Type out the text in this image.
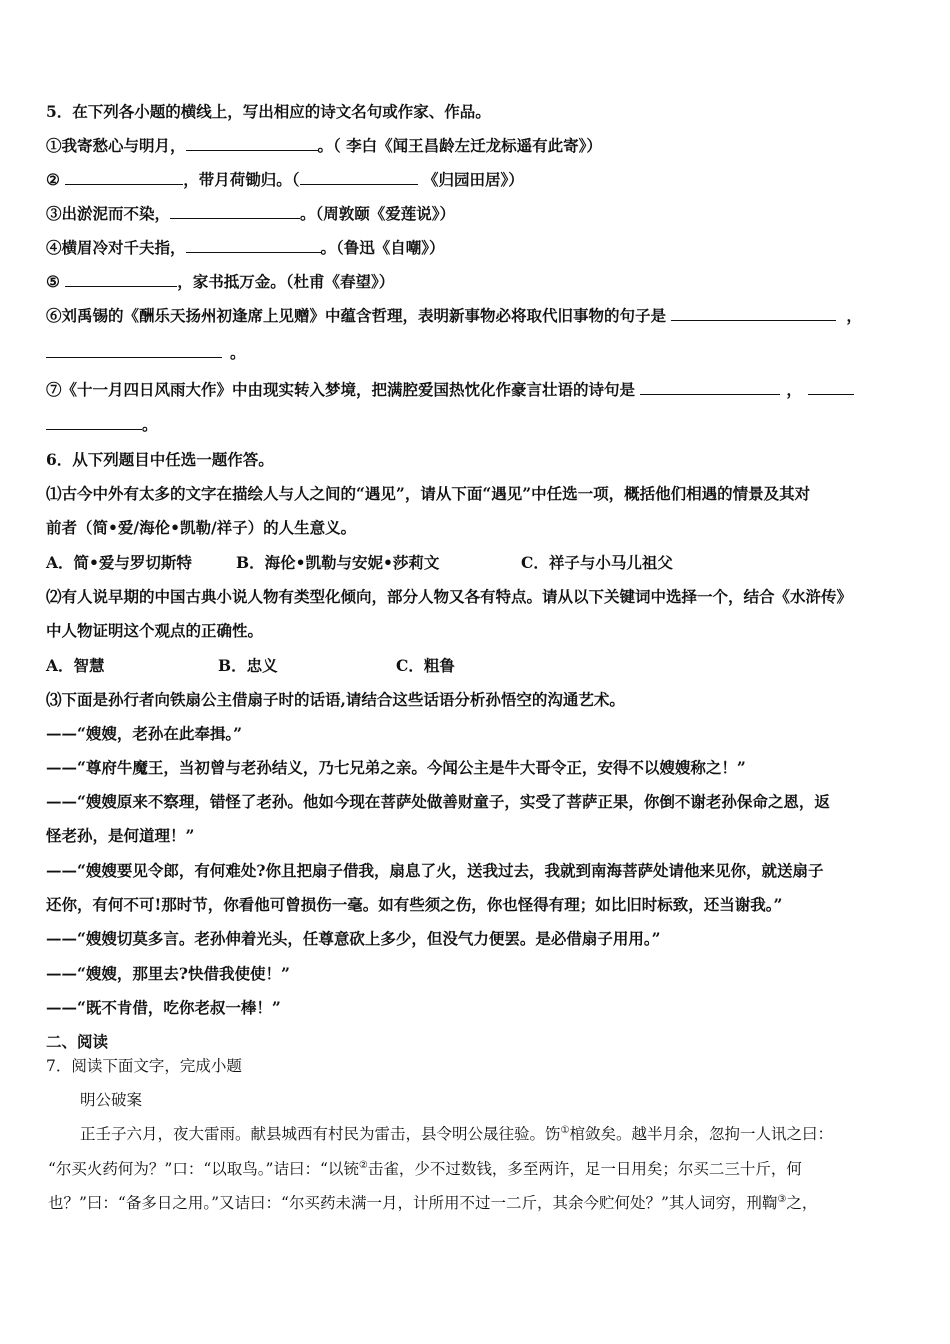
5．在下列各小题的横线上，写出相应的诗文名句或作家、作品。
①我寄愁心与明月，	。（ 李白《闻王昌龄左迁龙标遥有此寄》）
②	，带月荷锄归。（	《归园田居》）
③出淤泥而不染，	。（周敦颐《爱莲说》）
④横眉冷对千夫指，	。（鲁迅《自嘲》）
⑤	，家书抵万金。（杜甫《春望》）
⑥刘禹锡的《酬乐天扬州初逢席上见赠》中蕴含哲理，表明新事物必将取代旧事物的句子是	，
。
⑦《十一月四日风雨大作》中由现实转入梦境，把满腔爱国热忱化作豪言壮语的诗句是	，
。
6．从下列题目中任选一题作答。
⑴古今中外有太多的文字在描绘人与人之间的“遇见”，请从下面“遇见”中任选一项，概括他们相遇的情景及其对
前者（简•爱/海伦•凯勒/祥子）的人生意义。
A．简•爱与罗切斯特	B．海伦•凯勒与安妮•莎莉文	C．祥子与小马儿祖父
⑵有人说早期的中国古典小说人物有类型化倾向，部分人物又各有特点。请从以下关键词中选择一个，结合《水浒传》
中人物证明这个观点的正确性。
A．智慧	B．忠义	C．粗鲁
⑶下面是孙行者向铁扇公主借扇子时的话语,请结合这些话语分析孙悟空的沟通艺术。
——“嫂嫂，老孙在此奉揖。”
——“尊府牛魔王，当初曾与老孙结义，乃七兄弟之亲。今闻公主是牛大哥令正，安得不以嫂嫂称之！”
——“嫂嫂原来不察理，错怪了老孙。他如今现在菩萨处做善财童子，实受了菩萨正果，你倒不谢老孙保命之恩，返
怪老孙，是何道理！”
——“嫂嫂要见令郎，有何难处?你且把扇子借我，扇息了火，送我过去，我就到南海菩萨处请他来见你，就送扇子
还你，有何不可!那时节，你看他可曾损伤一毫。如有些须之伤，你也怪得有理；如比旧时标致，还当谢我。”
——“嫂嫂切莫多言。老孙伸着光头，任尊意砍上多少，但没气力便罢。是必借扇子用用。”
——“嫂嫂，那里去?快借我使使！”
——“既不肯借，吃你老叔一棒！”
二、阅读
7．阅读下面文字，完成小题
明公破案
正壬子六月，夜大雷雨。献县城西有村民为雷击，县令明公晟往验。饬①棺敛矣。越半月余，忽拘一人讯之曰：
“尔买火药何为？”口：“以取鸟。”诘曰：“以铳②击雀，少不过数钱，多至两许，足一日用矣；尔买二三十斤，何
也？”曰：“备多日之用。”又诘曰：“尔买药未满一月，计所用不过一二斤，其余今贮何处？”其人词穷，刑鞫③之，
